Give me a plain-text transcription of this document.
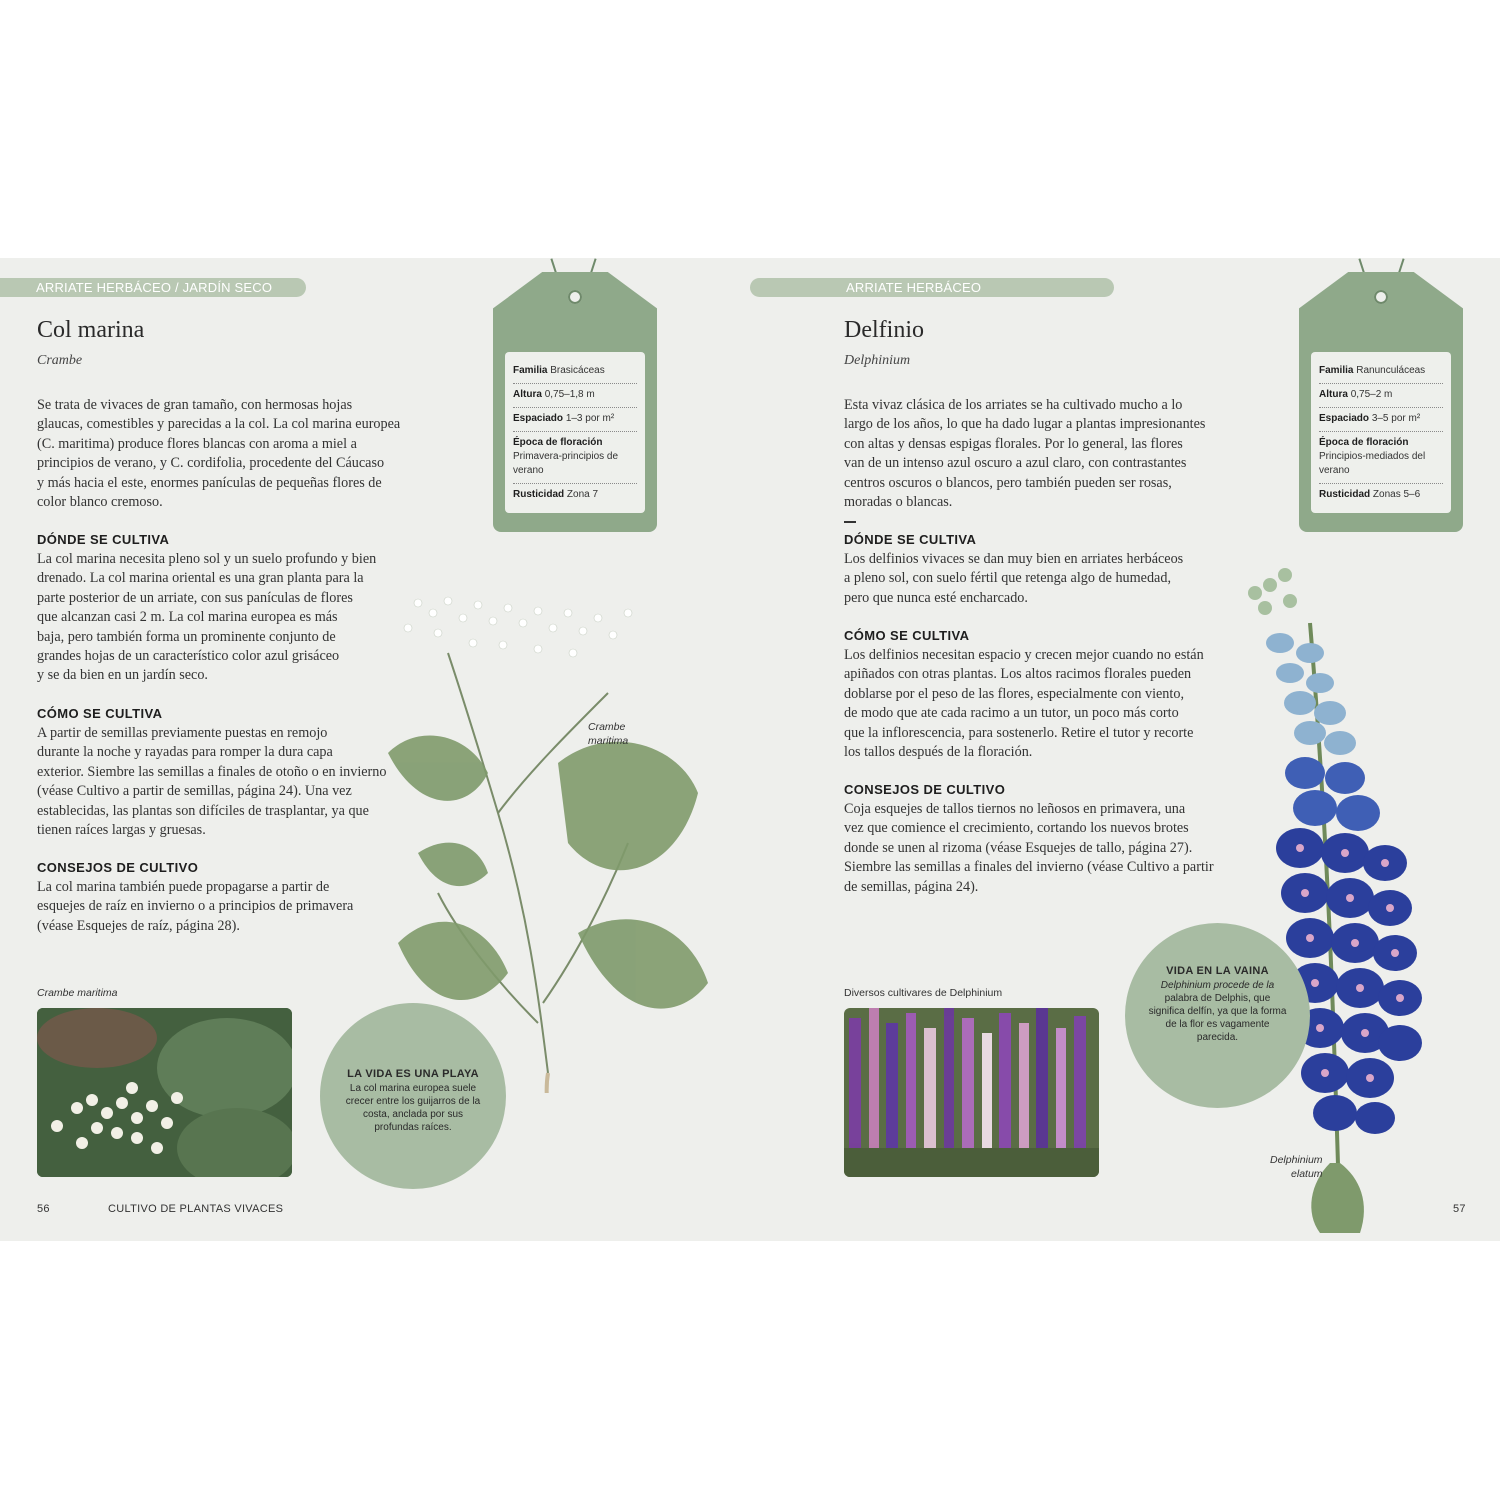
ARRIATE HERBÁCEO / JARDÍN SECO
Col marina
Crambe
Se trata de vivaces de gran tamaño, con hermosas hojas
glaucas, comestibles y parecidas a la col. La col marina europea
(C. maritima) produce flores blancas con aroma a miel a
principios de verano, y C. cordifolia, procedente del Cáucaso
y más hacia el este, enormes panículas de pequeñas flores de
color blanco cremoso.
DÓNDE SE CULTIVA
La col marina necesita pleno sol y un suelo profundo y bien
drenado. La col marina oriental es una gran planta para la
parte posterior de un arriate, con sus panículas de flores
que alcanzan casi 2 m. La col marina europea es más
baja, pero también forma un prominente conjunto de
grandes hojas de un característico color azul grisáceo
y se da bien en un jardín seco.
CÓMO SE CULTIVA
A partir de semillas previamente puestas en remojo
durante la noche y rayadas para romper la dura capa
exterior. Siembre las semillas a finales de otoño o en invierno
(véase Cultivo a partir de semillas, página 24). Una vez
establecidas, las plantas son difíciles de trasplantar, ya que
tienen raíces largas y gruesas.
CONSEJOS DE CULTIVO
La col marina también puede propagarse a partir de
esquejes de raíz en invierno o a principios de primavera
(véase Esquejes de raíz, página 28).
Familia Brasicáceas
Altura 0,75–1,8 m
Espaciado 1–3 por m²
Época de floración
Primavera-principios de verano
Rusticidad Zona 7
Crambe
maritima
Crambe maritima
LA VIDA ES UNA PLAYA
La col marina europea suele
crecer entre los guijarros de la
costa, anclada por sus
profundas raíces.
56	CULTIVO DE PLANTAS VIVACES
ARRIATE HERBÁCEO
Delfinio
Delphinium
Esta vivaz clásica de los arriates se ha cultivado mucho a lo
largo de los años, lo que ha dado lugar a plantas impresionantes
con altas y densas espigas florales. Por lo general, las flores
van de un intenso azul oscuro a azul claro, con contrastantes
centros oscuros o blancos, pero también pueden ser rosas,
moradas o blancas.
DÓNDE SE CULTIVA
Los delfinios vivaces se dan muy bien en arriates herbáceos
a pleno sol, con suelo fértil que retenga algo de humedad,
pero que nunca esté encharcado.
CÓMO SE CULTIVA
Los delfinios necesitan espacio y crecen mejor cuando no están
apiñados con otras plantas. Los altos racimos florales pueden
doblarse por el peso de las flores, especialmente con viento,
de modo que ate cada racimo a un tutor, un poco más corto
que la inflorescencia, para sostenerlo. Retire el tutor y recorte
los tallos después de la floración.
CONSEJOS DE CULTIVO
Coja esquejes de tallos tiernos no leñosos en primavera, una
vez que comience el crecimiento, cortando los nuevos brotes
donde se unen al rizoma (véase Esquejes de tallo, página 27).
Siembre las semillas a finales del invierno (véase Cultivo a partir
de semillas, página 24).
Familia Ranunculáceas
Altura 0,75–2 m
Espaciado 3–5 por m²
Época de floración
Principios-mediados del verano
Rusticidad Zonas 5–6
Delphinium
elatum
Diversos cultivares de Delphinium
VIDA EN LA VAINA
Delphinium procede de la
palabra de Delphis, que
significa delfín, ya que la forma
de la flor es vagamente
parecida.
57
